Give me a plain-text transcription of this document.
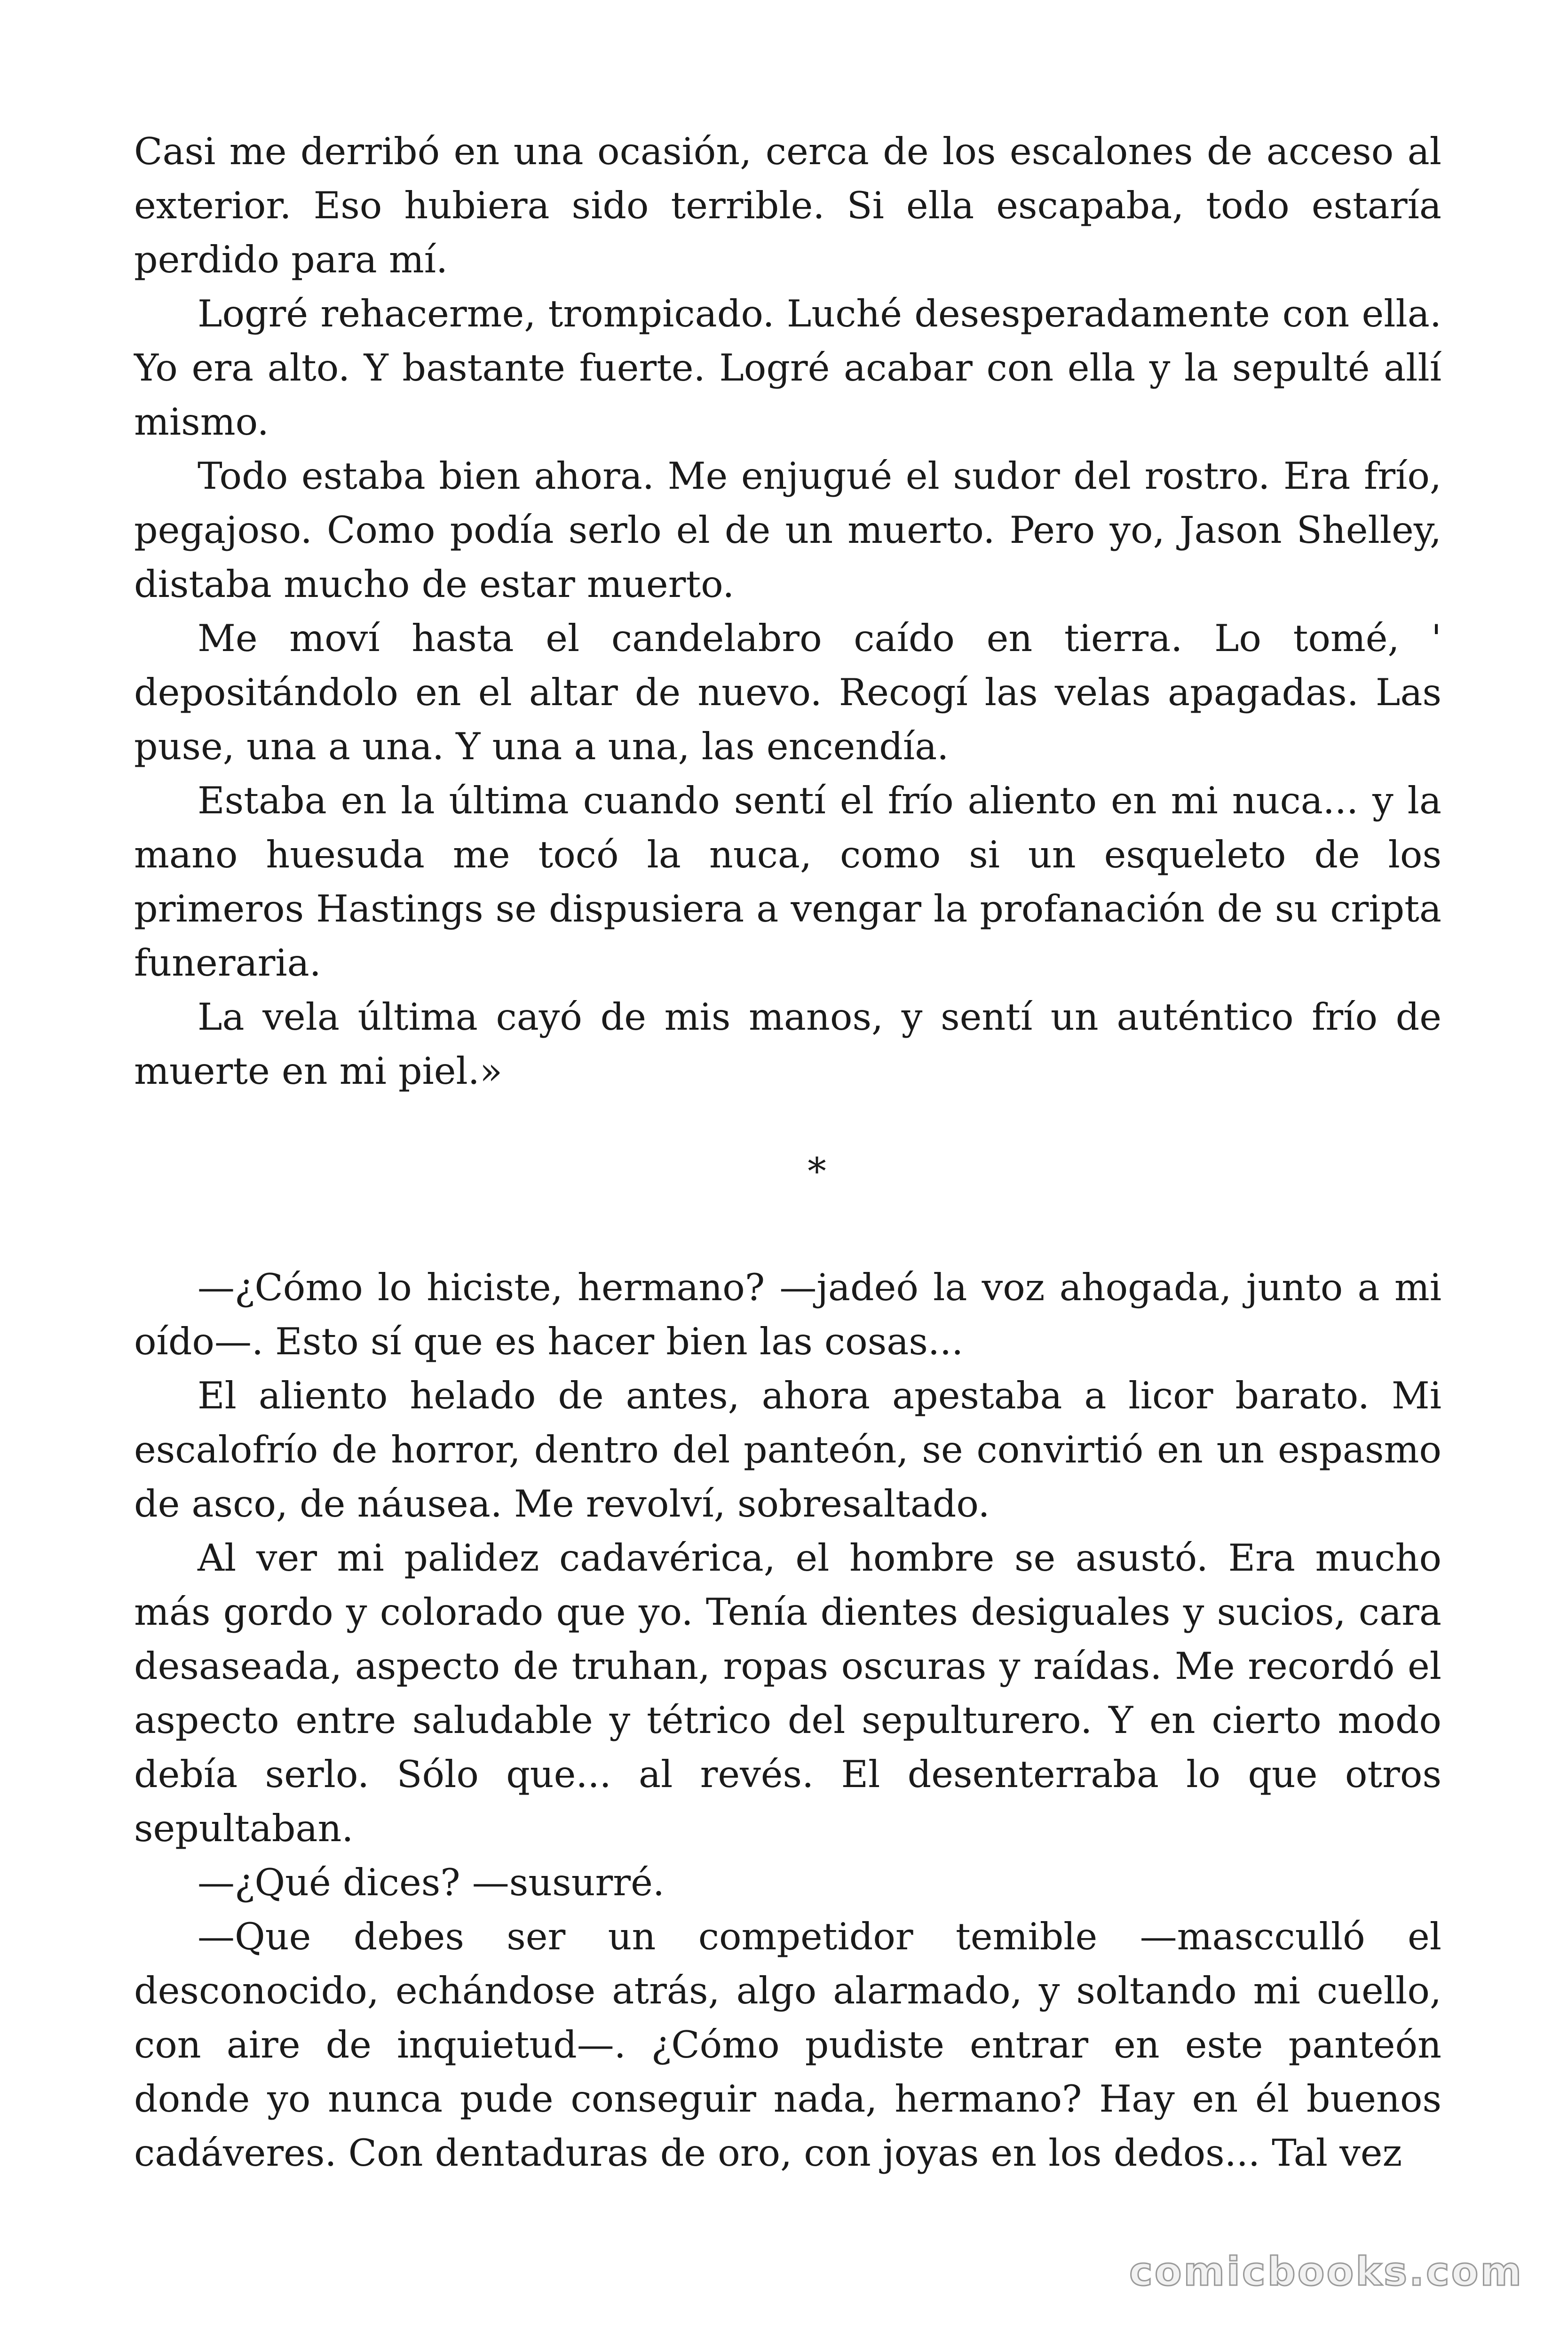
Casi me derribó en una ocasión, cerca de los escalones de acceso al exterior. Eso hubiera sido terrible. Si ella escapaba, todo estaría perdido para mí.

Logré rehacerme, trompicado. Luché desesperadamente con ella. Yo era alto. Y bastante fuerte. Logré acabar con ella y la sepulté allí mismo.

Todo estaba bien ahora. Me enjugué el sudor del rostro. Era frío, pegajoso. Como podía serlo el de un muerto. Pero yo, Jason Shelley, distaba mucho de estar muerto.

Me moví hasta el candelabro caído en tierra. Lo tomé, ' depositándolo en el altar de nuevo. Recogí las velas apagadas. Las puse, una a una. Y una a una, las encendía.

Estaba en la última cuando sentí el frío aliento en mi nuca... y la mano huesuda me tocó la nuca, como si un esqueleto de los primeros Hastings se dispusiera a vengar la profanación de su cripta funeraria.

La vela última cayó de mis manos, y sentí un auténtico frío de muerte en mi piel.»

*

—¿Cómo lo hiciste, hermano? —jadeó la voz ahogada, junto a mi oído—. Esto sí que es hacer bien las cosas...

El aliento helado de antes, ahora apestaba a licor barato. Mi escalofrío de horror, dentro del panteón, se convirtió en un espasmo de asco, de náusea. Me revolví, sobresaltado.

Al ver mi palidez cadavérica, el hombre se asustó. Era mucho más gordo y colorado que yo. Tenía dientes desiguales y sucios, cara desaseada, aspecto de truhan, ropas oscuras y raídas. Me recordó el aspecto entre saludable y tétrico del sepulturero. Y en cierto modo debía serlo. Sólo que... al revés. El desenterraba lo que otros sepultaban.

—¿Qué dices? —susurré.

—Que debes ser un competidor temible —mascculló el desconocido, echándose atrás, algo alarmado, y soltando mi cuello, con aire de inquietud—. ¿Cómo pudiste entrar en este panteón donde yo nunca pude conseguir nada, hermano? Hay en él buenos cadáveres. Con dentaduras de oro, con joyas en los dedos... Tal vez

comicbooks.com
